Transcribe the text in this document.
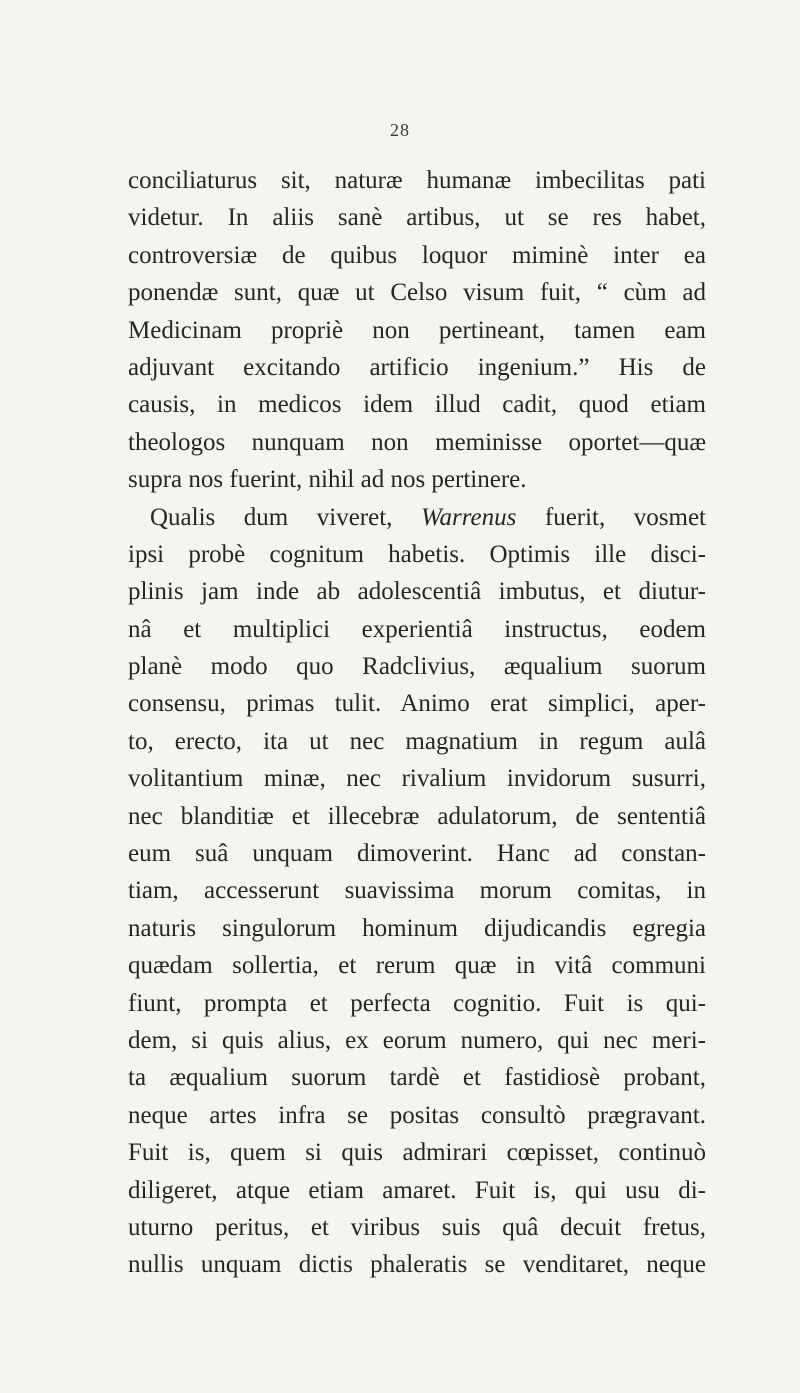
28
conciliaturus sit, naturæ humanæ imbecilitas pati
videtur. In aliis sanè artibus, ut se res habet,
controversiæ de quibus loquor miminè inter ea
ponendæ sunt, quæ ut Celso visum fuit, “ cùm ad
Medicinam propriè non pertineant, tamen eam
adjuvant excitando artificio ingenium.” His de
causis, in medicos idem illud cadit, quod etiam
theologos nunquam non meminisse oportet—quæ
supra nos fuerint, nihil ad nos pertinere.
Qualis dum viveret, Warrenus fuerit, vosmet
ipsi probè cognitum habetis. Optimis ille disci-
plinis jam inde ab adolescentiâ imbutus, et diutur-
nâ et multiplici experientiâ instructus, eodem
planè modo quo Radclivius, æqualium suorum
consensu, primas tulit. Animo erat simplici, aper-
to, erecto, ita ut nec magnatium in regum aulâ
volitantium minæ, nec rivalium invidorum susurri,
nec blanditiæ et illecebræ adulatorum, de sententiâ
eum suâ unquam dimoverint. Hanc ad constan-
tiam, accesserunt suavissima morum comitas, in
naturis singulorum hominum dijudicandis egregia
quædam sollertia, et rerum quæ in vitâ communi
fiunt, prompta et perfecta cognitio. Fuit is qui-
dem, si quis alius, ex eorum numero, qui nec meri-
ta æqualium suorum tardè et fastidiosè probant,
neque artes infra se positas consultò prægravant.
Fuit is, quem si quis admirari cœpisset, continuò
diligeret, atque etiam amaret. Fuit is, qui usu di-
uturno peritus, et viribus suis quâ decuit fretus,
nullis unquam dictis phaleratis se venditaret, neque
